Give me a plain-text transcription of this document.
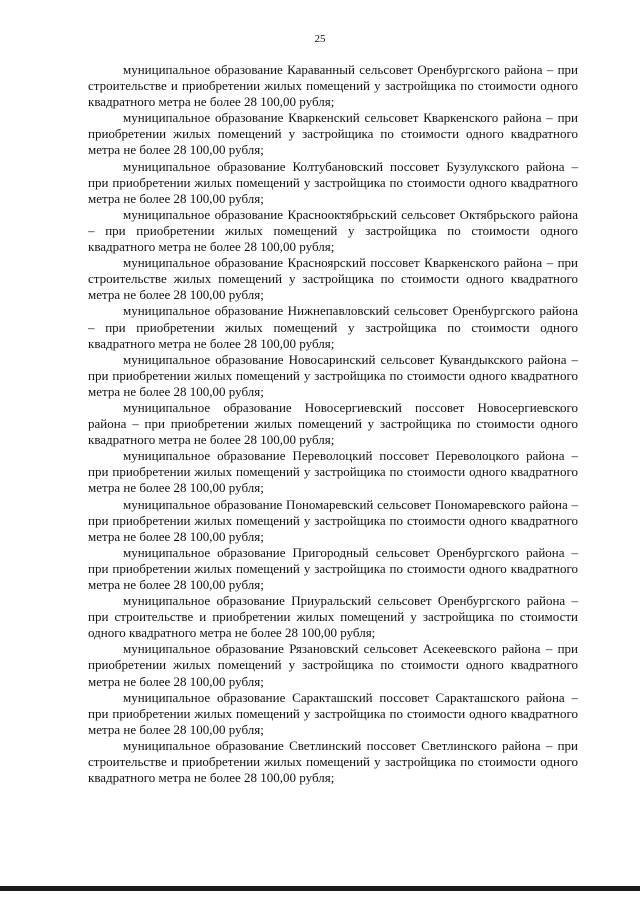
25

муниципальное образование Караванный сельсовет Оренбургского района – при строительстве и приобретении жилых помещений у застройщика по стоимости одного квадратного метра не более 28 100,00 рубля;

муниципальное образование Кваркенский сельсовет Кваркенского района – при приобретении жилых помещений у застройщика по стоимости одного квадратного метра не более 28 100,00 рубля;

муниципальное образование Колтубановский поссовет Бузулукского района – при приобретении жилых помещений у застройщика по стоимости одного квадратного метра не более 28 100,00 рубля;

муниципальное образование Краснооктябрьский сельсовет Октябрьского района – при приобретении жилых помещений у застройщика по стоимости одного квадратного метра не более 28 100,00 рубля;

муниципальное образование Красноярский поссовет Кваркенского района – при строительстве жилых помещений у застройщика по стоимости одного квадратного метра не более 28 100,00 рубля;

муниципальное образование Нижнепавловский сельсовет Оренбургского района – при приобретении жилых помещений у застройщика по стоимости одного квадратного метра не более 28 100,00 рубля;

муниципальное образование Новосаринский сельсовет Кувандыкского района – при приобретении жилых помещений у застройщика по стоимости одного квадратного метра не более 28 100,00 рубля;

муниципальное образование Новосергиевский поссовет Новосергиевского района – при приобретении жилых помещений у застройщика по стоимости одного квадратного метра не более 28 100,00 рубля;

муниципальное образование Переволоцкий поссовет Переволоцкого района – при приобретении жилых помещений у застройщика по стоимости одного квадратного метра не более 28 100,00 рубля;

муниципальное образование Пономаревский сельсовет Пономаревского района – при приобретении жилых помещений у застройщика по стоимости одного квадратного метра не более 28 100,00 рубля;

муниципальное образование Пригородный сельсовет Оренбургского района – при приобретении жилых помещений у застройщика по стоимости одного квадратного метра не более 28 100,00 рубля;

муниципальное образование Приуральский сельсовет Оренбургского района – при строительстве и приобретении жилых помещений у застройщика по стоимости одного квадратного метра не более 28 100,00 рубля;

муниципальное образование Рязановский сельсовет Асекеевского района – при приобретении жилых помещений у застройщика по стоимости одного квадратного метра не более 28 100,00 рубля;

муниципальное образование Саракташский поссовет Саракташского района – при приобретении жилых помещений у застройщика по стоимости одного квадратного метра не более 28 100,00 рубля;

муниципальное образование Светлинский поссовет Светлинского района – при строительстве и приобретении жилых помещений у застройщика по стоимости одного квадратного метра не более 28 100,00 рубля;
